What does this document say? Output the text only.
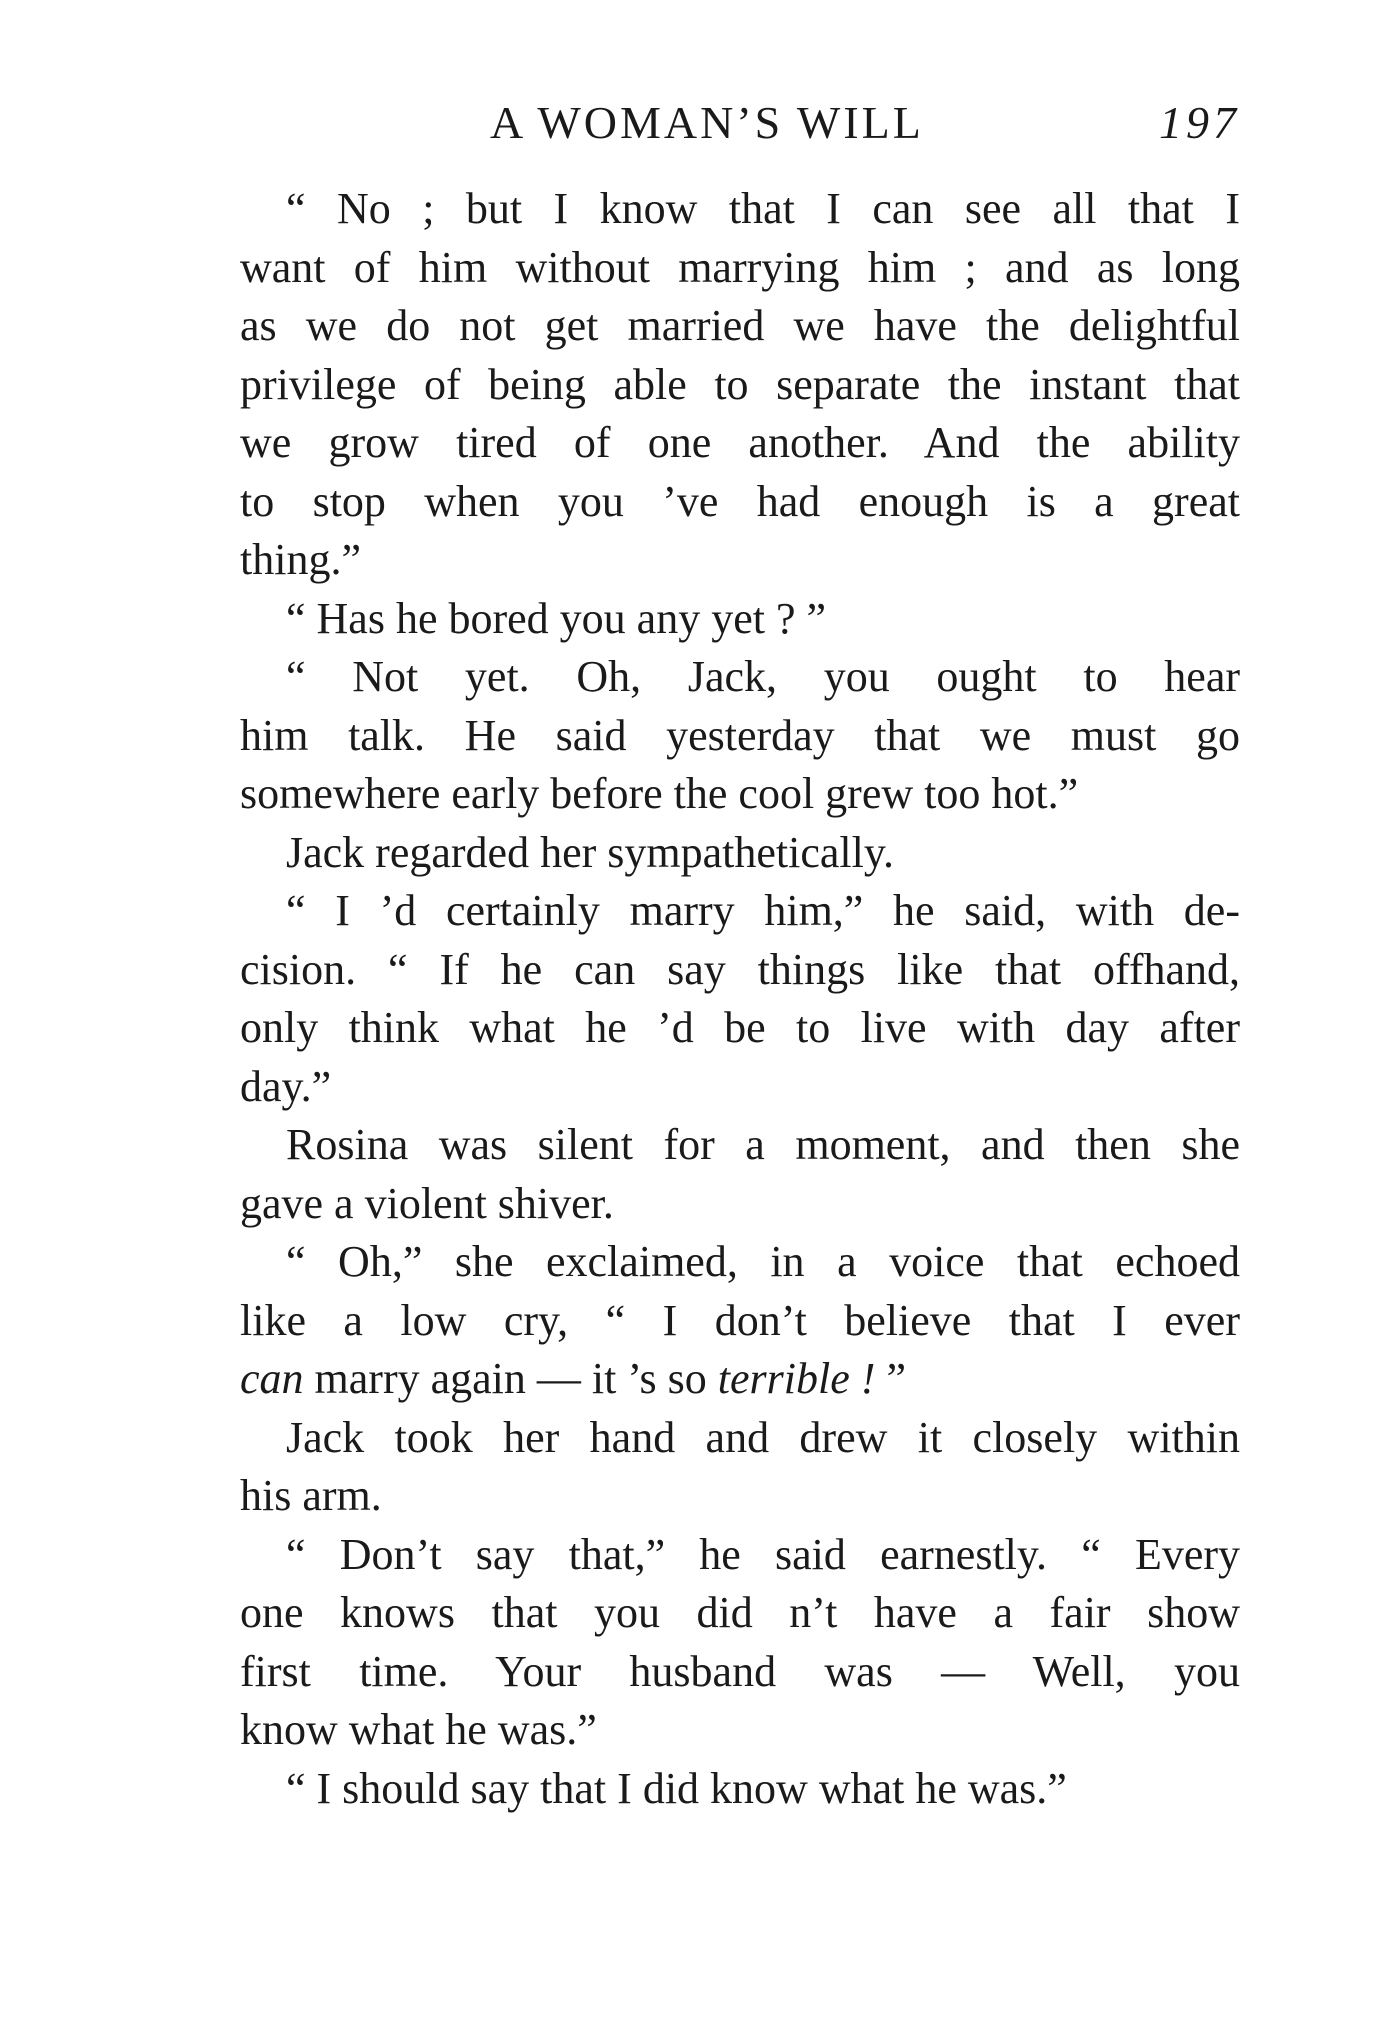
A WOMAN’S WILL	197
“ No ; but I know that I can see all that I
want of him without marrying him ; and as long
as we do not get married we have the delightful
privilege of being able to separate the instant that
we grow tired of one another. And the ability
to stop when you ’ve had enough is a great
thing.”
“ Has he bored you any yet ? ”
“ Not yet. Oh, Jack, you ought to hear
him talk. He said yesterday that we must go
somewhere early before the cool grew too hot.”
Jack regarded her sympathetically.
“ I ’d certainly marry him,” he said, with de-
cision. “ If he can say things like that offhand,
only think what he ’d be to live with day after
day.”
Rosina was silent for a moment, and then she
gave a violent shiver.
“ Oh,” she exclaimed, in a voice that echoed
like a low cry, “ I don’t believe that I ever
can marry again — it ’s so terrible ! ”
Jack took her hand and drew it closely within
his arm.
“ Don’t say that,” he said earnestly. “ Every
one knows that you did n’t have a fair show
first time. Your husband was — Well, you
know what he was.”
“ I should say that I did know what he was.”
